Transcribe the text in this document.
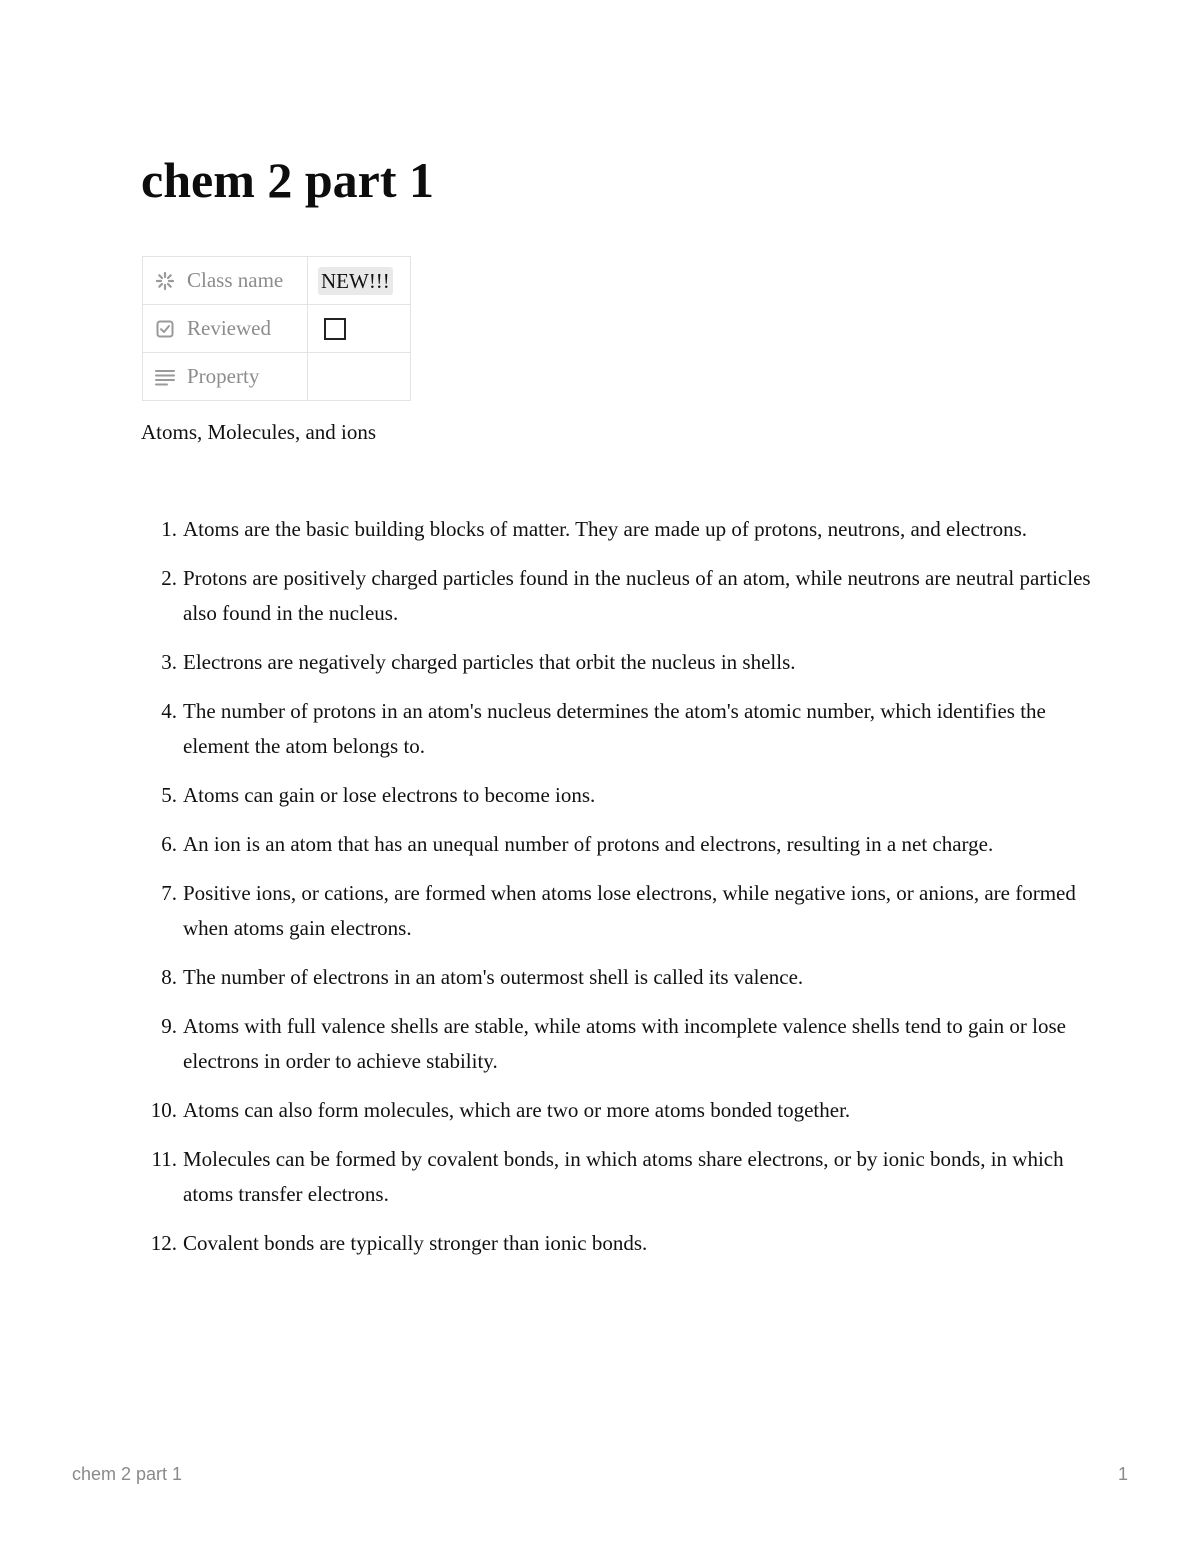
chem 2 part 1
Class name	NEW!!!

Reviewed	

Property	

Atoms, Molecules, and ions

1. Atoms are the basic building blocks of matter. They are made up of protons, neutrons, and electrons.
2. Protons are positively charged particles found in the nucleus of an atom, while neutrons are neutral particles also found in the nucleus.
3. Electrons are negatively charged particles that orbit the nucleus in shells.
4. The number of protons in an atom's nucleus determines the atom's atomic number, which identifies the element the atom belongs to.
5. Atoms can gain or lose electrons to become ions.
6. An ion is an atom that has an unequal number of protons and electrons, resulting in a net charge.
7. Positive ions, or cations, are formed when atoms lose electrons, while negative ions, or anions, are formed when atoms gain electrons.
8. The number of electrons in an atom's outermost shell is called its valence.
9. Atoms with full valence shells are stable, while atoms with incomplete valence shells tend to gain or lose electrons in order to achieve stability.
10. Atoms can also form molecules, which are two or more atoms bonded together.
11. Molecules can be formed by covalent bonds, in which atoms share electrons, or by ionic bonds, in which atoms transfer electrons.
12. Covalent bonds are typically stronger than ionic bonds.
chem 2 part 1	1
